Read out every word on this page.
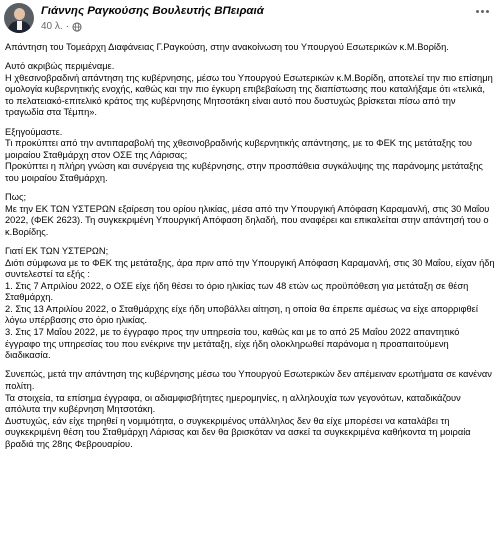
Γιάννης Ραγκούσης Βουλευτής ΒΠειραιά
40 λ. ·

Απάντηση του Τομεάρχη Διαφάνειας Γ.Ραγκούση, στην ανακοίνωση του Υπουργού Εσωτερικών κ.Μ.Βορίδη.

Αυτό ακριβώς περιμέναμε.
Η χθεσινοβραδινή απάντηση της κυβέρνησης, μέσω του Υπουργού Εσωτερικών κ.Μ.Βορίδη, αποτελεί την πιο επίσημη ομολογία κυβερνητικής ενοχής, καθώς και την πιο έγκυρη επιβεβαίωση της διαπίστωσης που καταλήξαμε ότι «τελικά, το πελατειακό-επιτελικό κράτος της κυβέρνησης Μητσοτάκη είναι αυτό που δυστυχώς βρίσκεται πίσω από την τραγωδία στα Τέμπη».

Εξηγούμαστε.
Τι προκύπτει από την αντιπαραβολή της χθεσινοβραδινής κυβερνητικής απάντησης, με το ΦΕΚ της μετάταξης του μοιραίου Σταθμάρχη στον ΟΣΕ της Λάρισας;
Προκύπτει η πλήρη γνώση και συνέργεια της κυβέρνησης, στην προσπάθεια συγκάλυψης της παράνομης μετάταξης του μοιραίου Σταθμάρχη.

Πως;
Με την ΕΚ ΤΩΝ ΥΣΤΕΡΩΝ εξαίρεση του ορίου ηλικίας, μέσα από την Υπουργική Απόφαση Καραμανλή, στις 30 Μαΐου 2022, (ΦΕΚ 2623). Τη συγκεκριμένη Υπουργική Απόφαση δηλαδή, που αναφέρει και επικαλείται στην απάντησή του ο κ.Βορίδης.

Γιατί ΕΚ ΤΩΝ ΥΣΤΕΡΩΝ;
Διότι σύμφωνα με το ΦΕΚ της μετάταξης, άρα πριν από την Υπουργική Απόφαση Καραμανλή, στις 30 Μαΐου, είχαν ήδη συντελεστεί τα εξής :
1. Στις 7 Απριλίου 2022, ο ΟΣΕ είχε ήδη θέσει το όριο ηλικίας των 48 ετών ως προϋπόθεση για μετάταξη σε θέση Σταθμάρχη.
2. Στις 13 Απριλίου 2022, ο Σταθμάρχης είχε ήδη υποβάλλει αίτηση, η οποία θα έπρεπε αμέσως να είχε απορριφθεί λόγω υπέρβασης στο όριο ηλικίας.
3. Στις 17 Μαΐου 2022, με το έγγραφο προς την υπηρεσία του, καθώς και με το από 25 Μαΐου 2022 απαντητικό έγγραφο της υπηρεσίας του που ενέκρινε την μετάταξη, είχε ήδη ολοκληρωθεί παράνομα η προαπαιτούμενη διαδικασία.

Συνεπώς, μετά την απάντηση της κυβέρνησης μέσω του Υπουργού Εσωτερικών δεν απέμειναν ερωτήματα σε κανέναν πολίτη.
Τα στοιχεία, τα επίσημα έγγραφα, οι αδιαμφισβήτητες ημερομηνίες, η αλληλουχία των γεγονότων, καταδικάζουν απόλυτα την κυβέρνηση Μητσοτάκη.
Δυστυχώς, εάν είχε τηρηθεί η νομιμότητα, ο συγκεκριμένος υπάλληλος δεν θα είχε μπορέσει να καταλάβει τη συγκεκριμένη θέση του Σταθμάρχη Λάρισας και δεν θα βρισκόταν να ασκεί τα συγκεκριμένα καθήκοντα τη μοιραία βραδιά της 28ης Φεβρουαρίου.
